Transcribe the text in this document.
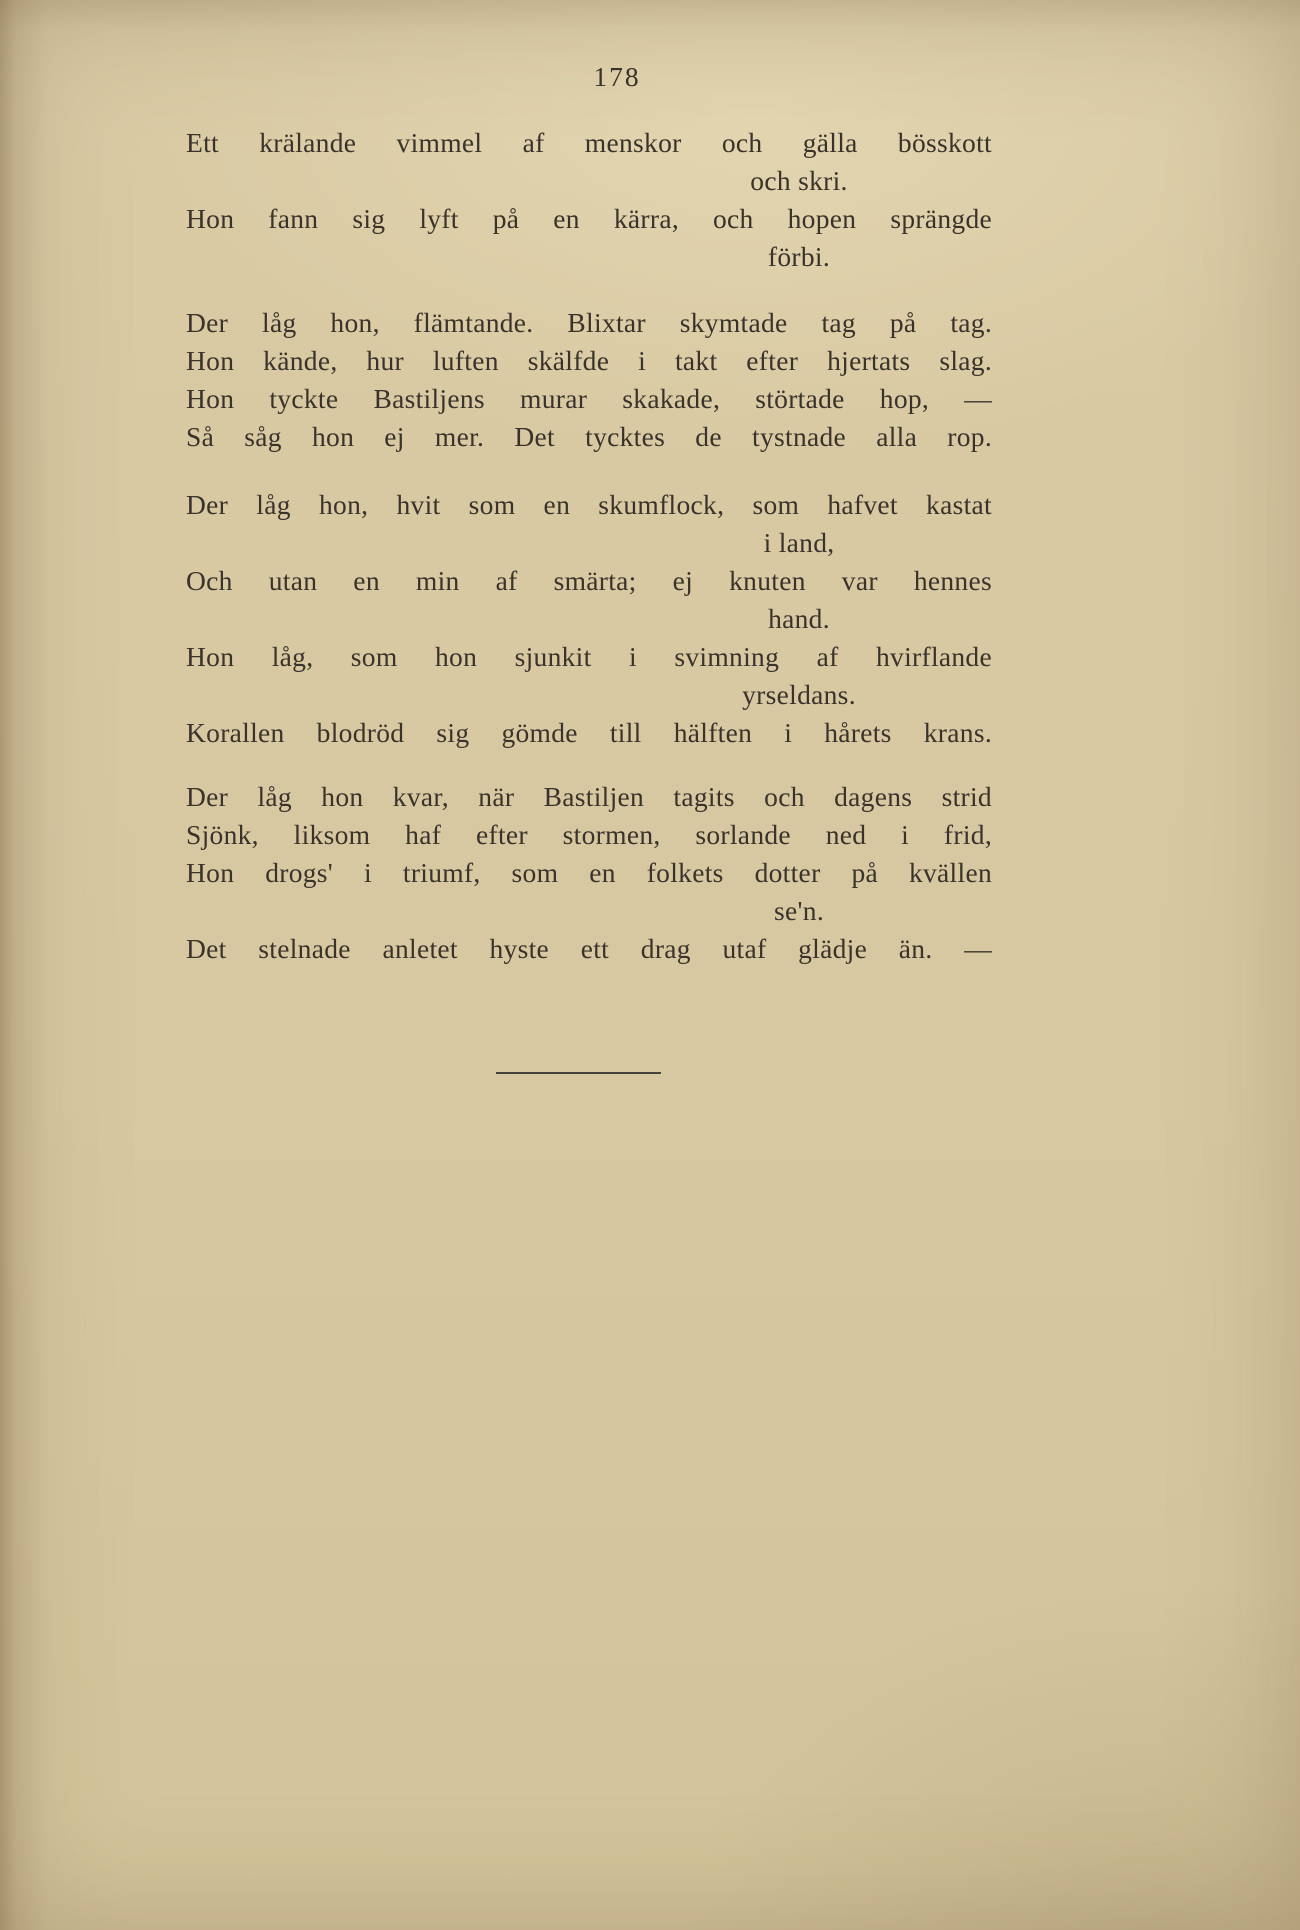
178
Ett krälande vimmel af menskor och gälla bösskott
och skri.
Hon fann sig lyft på en kärra, och hopen sprängde
förbi.
Der låg hon, flämtande. Blixtar skymtade tag på tag.
Hon kände, hur luften skälfde i takt efter hjertats slag.
Hon tyckte Bastiljens murar skakade, störtade hop, —
Så såg hon ej mer. Det tycktes de tystnade alla rop.
Der låg hon, hvit som en skumflock, som hafvet kastat
i land,
Och utan en min af smärta; ej knuten var hennes
hand.
Hon låg, som hon sjunkit i svimning af hvirflande
yrseldans.
Korallen blodröd sig gömde till hälften i hårets krans.
Der låg hon kvar, när Bastiljen tagits och dagens strid
Sjönk, liksom haf efter stormen, sorlande ned i frid,
Hon drogs' i triumf, som en folkets dotter på kvällen
se'n.
Det stelnade anletet hyste ett drag utaf glädje än. —
